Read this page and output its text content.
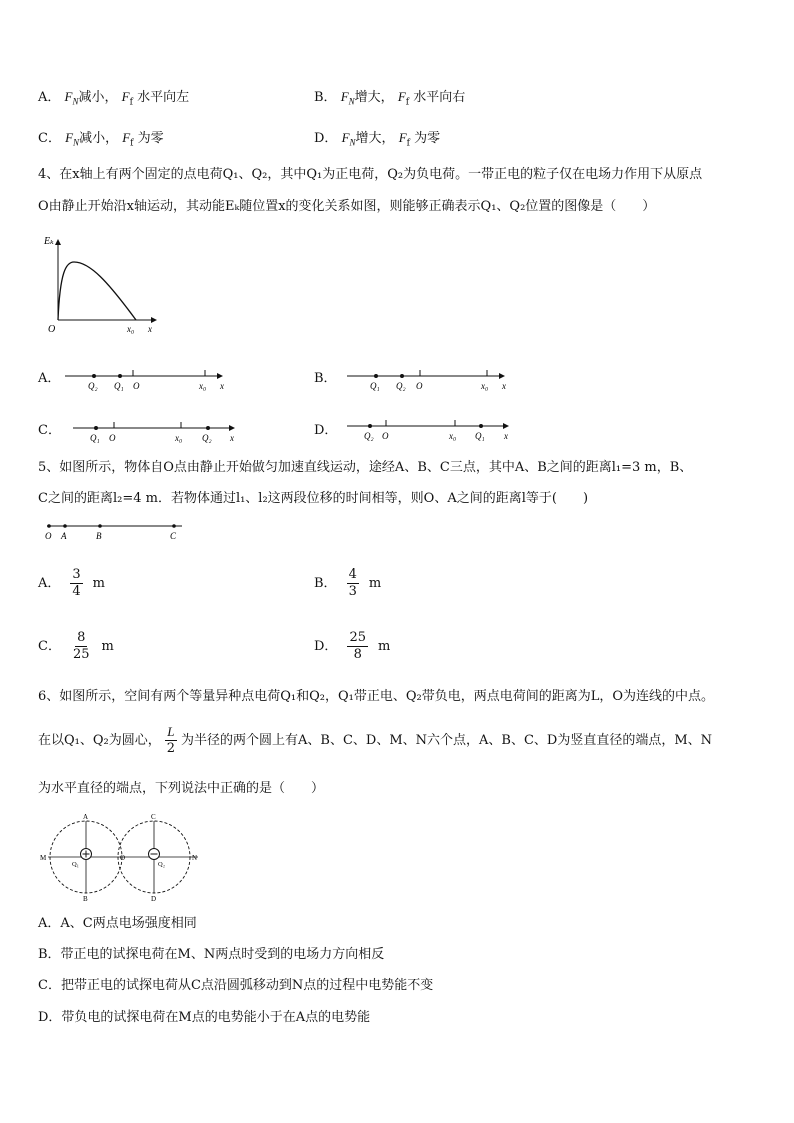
A． $F_N$减小， $F_f$ 水平向左	B． $F_N$增大， $F_f$ 水平向右
C． $F_N$减小， $F_f$ 为零	D． $F_N$增大， $F_f$ 为零
4、在x轴上有两个固定的点电荷Q₁、Q₂，其中Q₁为正电荷，Q₂为负电荷。一带正电的粒子仅在电场力作用下从原点
O由静止开始沿x轴运动，其动能Eₖ随位置x的变化关系如图，则能够正确表示Q₁、Q₂位置的图像是（　　）
Eₖ
O	x₀ x
A．	Q₂ Q₁ O	x₀ x	B．	Q₁ Q₂ O	x₀ x
C．	Q₁ O	x₀ Q₂ x	D．	Q₂ O	x₀ Q₁ x
5、如图所示，物体自O点由静止开始做匀加速直线运动，途经A、B、C三点，其中A、B之间的距离l₁=3 m，B、
C之间的距离l₂=4 m．若物体通过l₁、l₂这两段位移的时间相等，则O、A之间的距离l等于(　　)
O A	B	C
A． $\frac{3}{4}$ m	B． $\frac{4}{3}$ m
C． $\frac{8}{25}$ m	D． $\frac{25}{8}$ m
6、如图所示，空间有两个等量异种点电荷Q₁和Q₂，Q₁带正电、Q₂带负电，两点电荷间的距离为L，O为连线的中点。
在以Q₁、Q₂为圆心， $\frac{L}{2}$ 为半径的两个圆上有A、B、C、D、M、N六个点，A、B、C、D为竖直直径的端点，M、N
为水平直径的端点，下列说法中正确的是（　　）
A
B
C
D
M	N
O
Q₁	Q₂
A．A、C两点电场强度相同
B．带正电的试探电荷在M、N两点时受到的电场力方向相反
C．把带正电的试探电荷从C点沿圆弧移动到N点的过程中电势能不变
D．带负电的试探电荷在M点的电势能小于在A点的电势能
